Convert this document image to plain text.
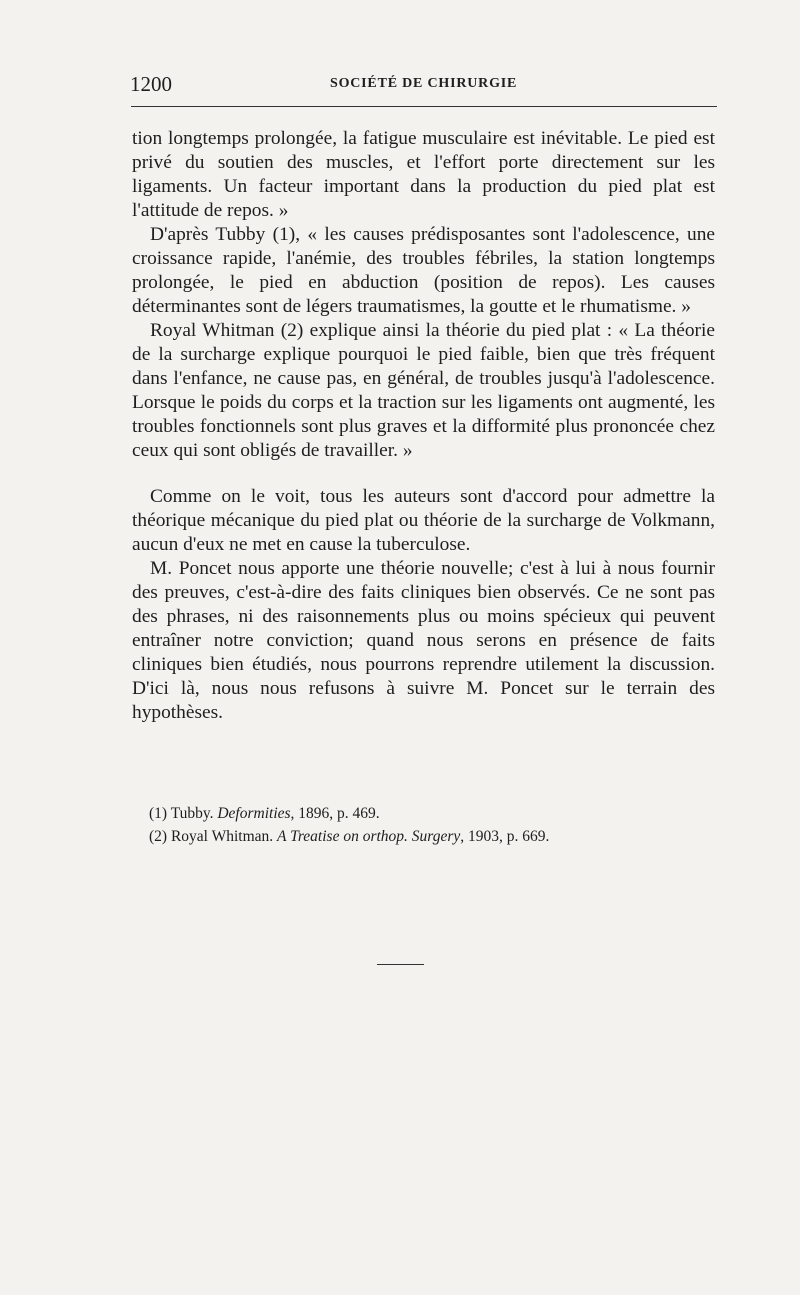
1200	SOCIÉTÉ DE CHIRURGIE

tion longtemps prolongée, la fatigue musculaire est inévitable. Le pied est privé du soutien des muscles, et l'effort porte directement sur les ligaments. Un facteur important dans la production du pied plat est l'attitude de repos. »

D'après Tubby (1), « les causes prédisposantes sont l'adolescence, une croissance rapide, l'anémie, des troubles fébriles, la station longtemps prolongée, le pied en abduction (position de repos). Les causes déterminantes sont de légers traumatismes, la goutte et le rhumatisme. »

Royal Whitman (2) explique ainsi la théorie du pied plat : « La théorie de la surcharge explique pourquoi le pied faible, bien que très fréquent dans l'enfance, ne cause pas, en général, de troubles jusqu'à l'adolescence. Lorsque le poids du corps et la traction sur les ligaments ont augmenté, les troubles fonctionnels sont plus graves et la difformité plus prononcée chez ceux qui sont obligés de travailler. »

Comme on le voit, tous les auteurs sont d'accord pour admettre la théorique mécanique du pied plat ou théorie de la surcharge de Volkmann, aucun d'eux ne met en cause la tuberculose.

M. Poncet nous apporte une théorie nouvelle; c'est à lui à nous fournir des preuves, c'est-à-dire des faits cliniques bien observés. Ce ne sont pas des phrases, ni des raisonnements plus ou moins spécieux qui peuvent entraîner notre conviction; quand nous serons en présence de faits cliniques bien étudiés, nous pourrons reprendre utilement la discussion. D'ici là, nous nous refusons à suivre M. Poncet sur le terrain des hypothèses.

(1) Tubby. Deformities, 1896, p. 469.

(2) Royal Whitman. A Treatise on orthop. Surgery, 1903, p. 669.
